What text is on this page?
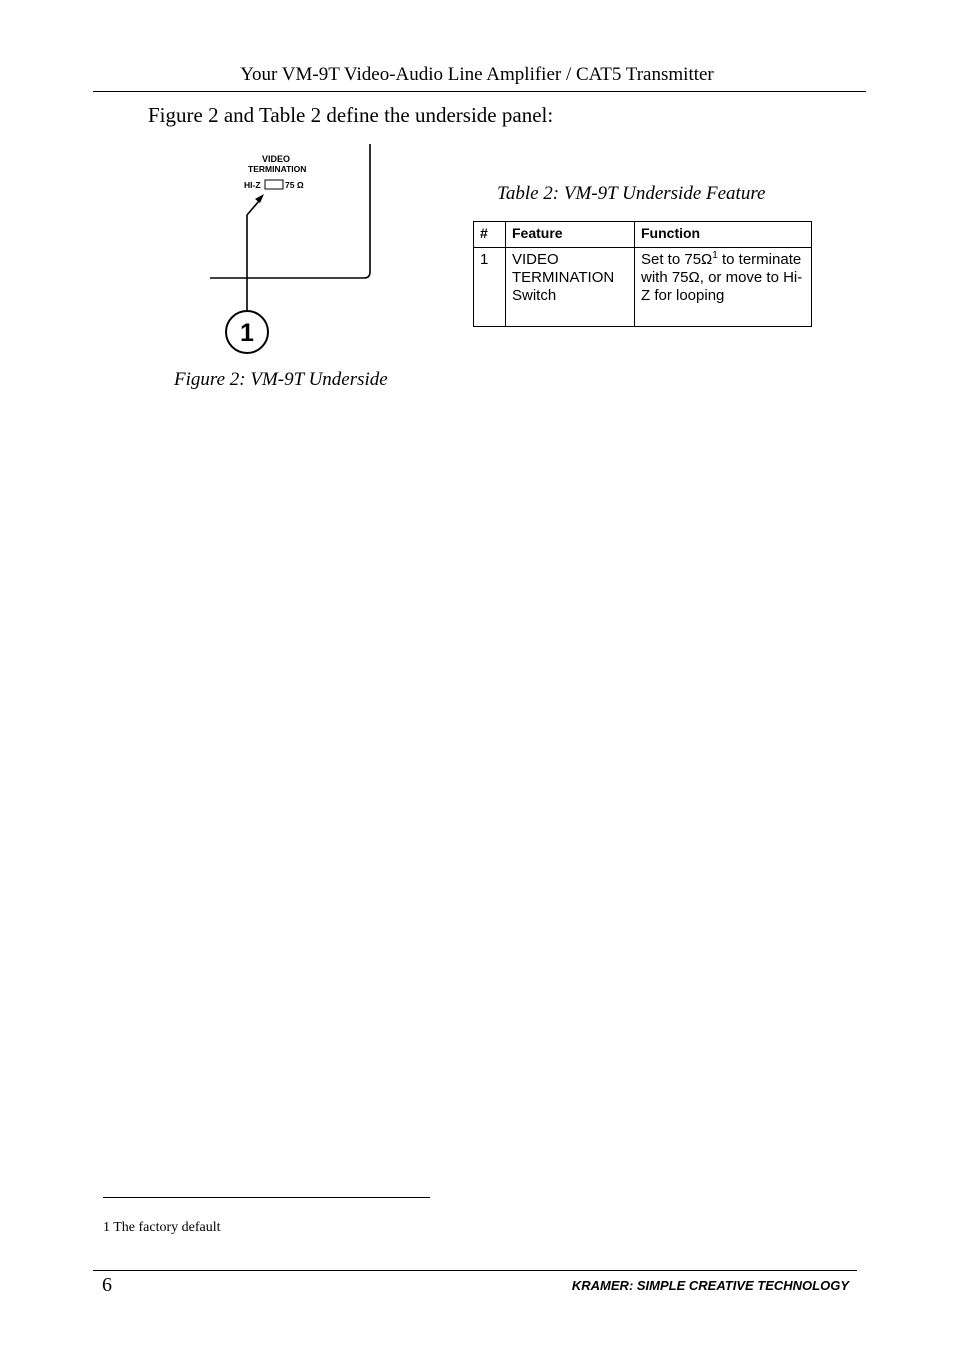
Your VM-9T Video-Audio Line Amplifier / CAT5 Transmitter
Figure 2 and Table 2 define the underside panel:
VIDEO
TERMINATION
HI-Z	75 Ω
1
Figure 2: VM-9T Underside
Table 2: VM-9T Underside Feature
#	Feature	Function
1	VIDEO
TERMINATION
Switch	Set to $75\Omega^1$ to terminate with 75Ω, or move to Hi-Z for looping
1 The factory default
6	KRAMER: SIMPLE CREATIVE TECHNOLOGY
